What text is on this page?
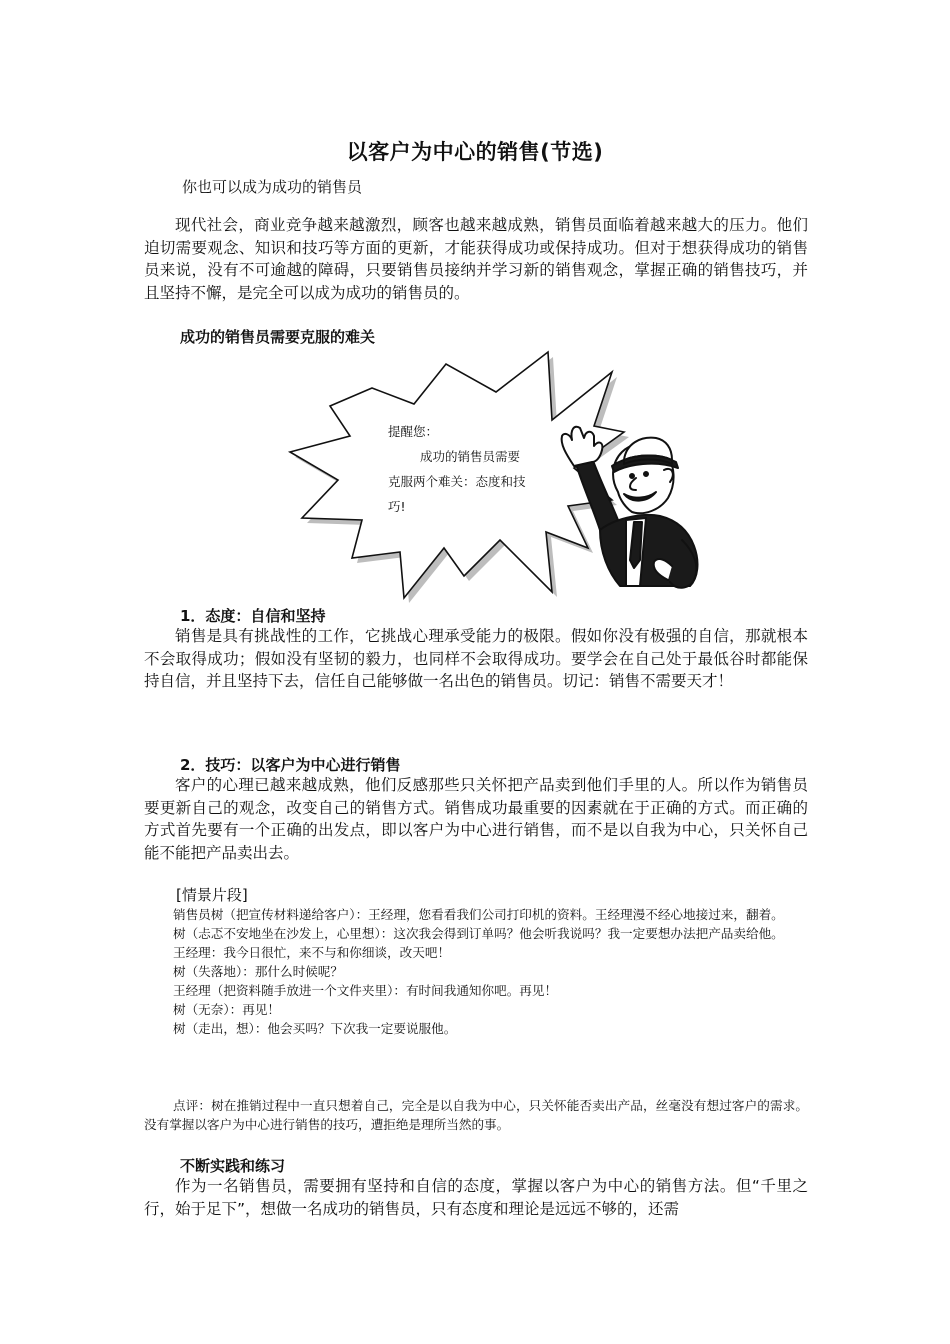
以客户为中心的销售(节选)
你也可以成为成功的销售员

现代社会，商业竞争越来越激烈，顾客也越来越成熟，销售员面临着越来越大的压力。他们迫切需要观念、知识和技巧等方面的更新，才能获得成功或保持成功。但对于想获得成功的销售员来说，没有不可逾越的障碍，只要销售员接纳并学习新的销售观念，掌握正确的销售技巧，并且坚持不懈，是完全可以成为成功的销售员的。

成功的销售员需要克服的难关
提醒您：
成功的销售员需要
克服两个难关：态度和技
巧!
1．态度：自信和坚持

销售是具有挑战性的工作，它挑战心理承受能力的极限。假如你没有极强的自信，那就根本不会取得成功；假如没有坚韧的毅力，也同样不会取得成功。要学会在自己处于最低谷时都能保持自信，并且坚持下去，信任自己能够做一名出色的销售员。切记：销售不需要天才！

2．技巧：以客户为中心进行销售

客户的心理已越来越成熟，他们反感那些只关怀把产品卖到他们手里的人。所以作为销售员要更新自己的观念，改变自己的销售方式。销售成功最重要的因素就在于正确的方式。而正确的方式首先要有一个正确的出发点，即以客户为中心进行销售，而不是以自我为中心，只关怀自己能不能把产品卖出去。

[情景片段]
销售员树（把宣传材料递给客户）：王经理，您看看我们公司打印机的资料。王经理漫不经心地接过来，翻着。
树（忐忑不安地坐在沙发上，心里想）：这次我会得到订单吗？他会听我说吗？我一定要想办法把产品卖给他。
王经理：我今日很忙，来不与和你细谈，改天吧！
树（失落地）：那什么时候呢？
王经理（把资料随手放进一个文件夹里）：有时间我通知你吧。再见！
树（无奈）：再见！
树（走出，想）：他会买吗？下次我一定要说服他。
点评：树在推销过程中一直只想着自己，完全是以自我为中心，只关怀能否卖出产品，丝毫没有想过客户的需求。没有掌握以客户为中心进行销售的技巧，遭拒绝是理所当然的事。
不断实践和练习

作为一名销售员，需要拥有坚持和自信的态度，掌握以客户为中心的销售方法。但“千里之行，始于足下”，想做一名成功的销售员，只有态度和理论是远远不够的，还需
